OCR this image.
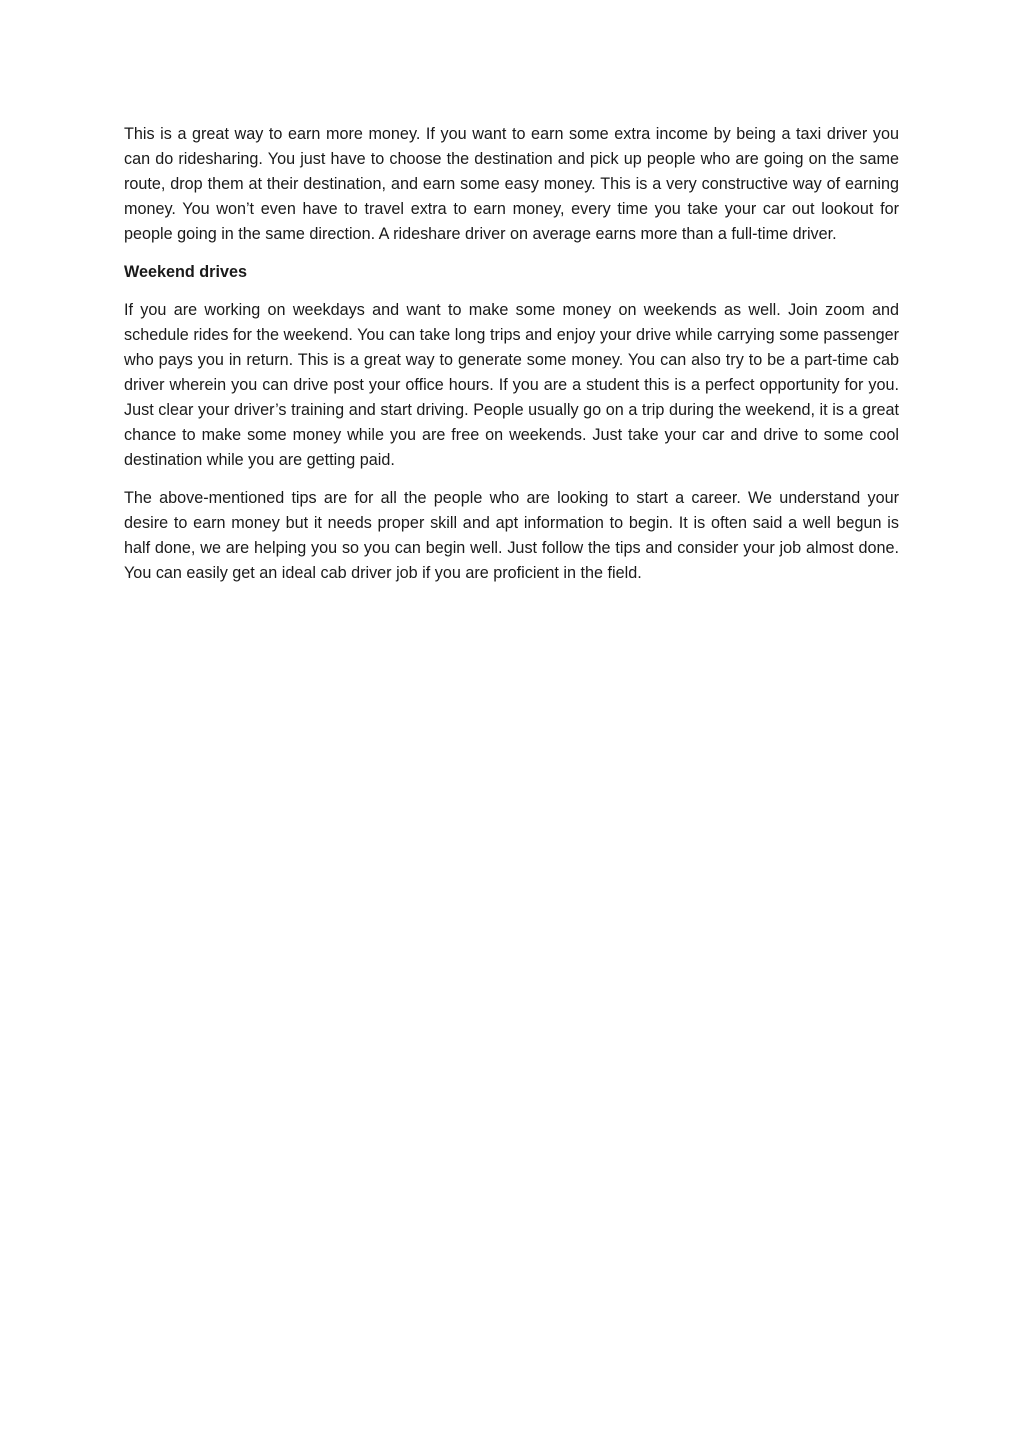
This is a great way to earn more money. If you want to earn some extra income by being a taxi driver you can do ridesharing. You just have to choose the destination and pick up people who are going on the same route, drop them at their destination, and earn some easy money. This is a very constructive way of earning money. You won’t even have to travel extra to earn money, every time you take your car out lookout for people going in the same direction. A rideshare driver on average earns more than a full-time driver.

Weekend drives

If you are working on weekdays and want to make some money on weekends as well. Join zoom and schedule rides for the weekend. You can take long trips and enjoy your drive while carrying some passenger who pays you in return. This is a great way to generate some money. You can also try to be a part-time cab driver wherein you can drive post your office hours. If you are a student this is a perfect opportunity for you. Just clear your driver’s training and start driving. People usually go on a trip during the weekend, it is a great chance to make some money while you are free on weekends. Just take your car and drive to some cool destination while you are getting paid.

The above-mentioned tips are for all the people who are looking to start a career. We understand your desire to earn money but it needs proper skill and apt information to begin. It is often said a well begun is half done, we are helping you so you can begin well. Just follow the tips and consider your job almost done. You can easily get an ideal cab driver job if you are proficient in the field.
